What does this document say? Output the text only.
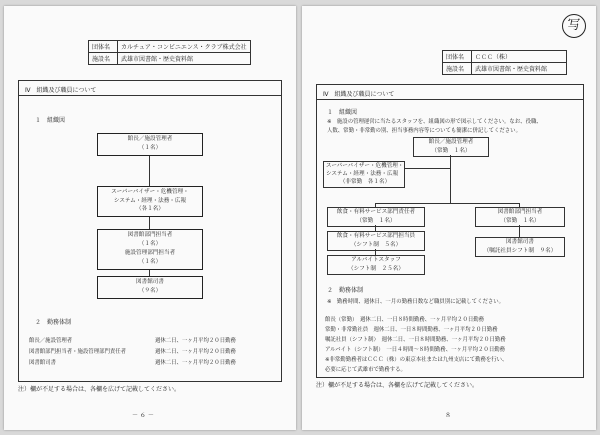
団体名	カルチュア・コンビニエンス・クラブ株式会社
施設名	武雄市図書館・歴史資料館
Ⅳ　組織及び職員について
１　組織図
館長／施設管理者
（１名）
スーパーバイザー・危機管理・
システム・経理・法務・広報
（各１名）
図書館部門担当者
（１名）
施設管理部門担当者
（１名）
図書館司書
（９名）
２　勤務体制
館長／施設管理者	週休二日、一ヶ月平均２０日勤務
図書館部門担当者・施設管理部門責任者	週休二日、一ヶ月平均２０日勤務
図書館司書	週休二日、一ヶ月平均２０日勤務
注）欄が不足する場合は、各欄を広げて記載してください。
－ ６ －
写
団体名	ＣＣＣ（株）
施設名	武雄市図書館・歴史資料館
Ⅳ　組織及び職員について
１　組織図
※　施設の管理運営に当たるスタッフを、組織図の形で図示してください。なお、役職、
人数、常勤・非常勤の別、担当事務内容等についても簡潔に併記してください。
館長／施設管理者
（常勤　１名）
スーパーバイザー・危機管理・
システム・経理・法務・広報
（非常勤　各１名）
飲食・有料サービス部門責任者
（常勤　１名）
図書館部門担当者
（常勤　１名）
飲食・有料サービス部門担当員
（シフト制　５名）	図書館司書
（嘱託社員シフト制　９名）
アルバイトスタッフ
（シフト制　２５名）
２　勤務体制
※　勤務時間、週休日、一月の勤務日数など職員別に記載してください。
館長（常勤）　週休二日、一日８時間勤務、一ヶ月平均２０日勤務
常勤・非常勤社員　週休二日、一日８時間勤務、一ヶ月平均２０日勤務
嘱託社員（シフト制）　週休二日、一日８時間勤務、一ヶ月平均２０日勤務
アルバイト（シフト制）　一日４時間〜８時間勤務、一ヶ月平均２０日勤務
※非常勤勤務者はＣＣＣ（株）の東京本社または九州支店にて勤務を行い、
必要に応じて武雄市で勤務する。
注）欄が不足する場合は、各欄を広げて記載してください。
８
